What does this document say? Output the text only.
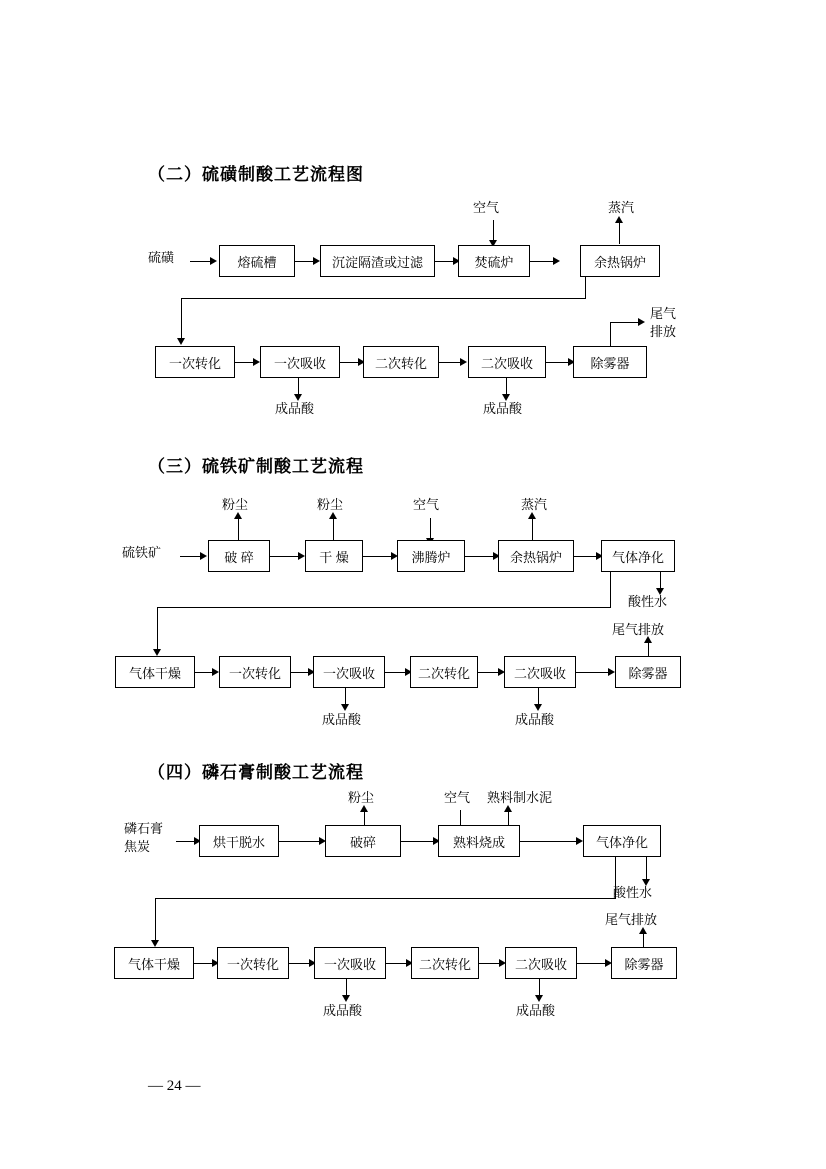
（二）硫磺制酸工艺流程图
空气	蒸汽
硫磺	熔硫槽	沉淀隔渣或过滤	焚硫炉	余热锅炉
尾气
排放
一次转化	一次吸收	二次转化	二次吸收	除雾器
成品酸	成品酸
（三）硫铁矿制酸工艺流程
粉尘	粉尘	空气	蒸汽
硫铁矿	破 碎	干 燥	沸腾炉	余热锅炉	气体净化
酸性水
尾气排放
气体干燥	一次转化	一次吸收	二次转化	二次吸收	除雾器
成品酸	成品酸
（四）磷石膏制酸工艺流程
粉尘	空气 熟料制水泥
磷石膏
焦炭	烘干脱水	破碎	熟料烧成	气体净化
酸性水
尾气排放
气体干燥	一次转化	一次吸收	二次转化	二次吸收	除雾器
成品酸	成品酸
— 24 —
